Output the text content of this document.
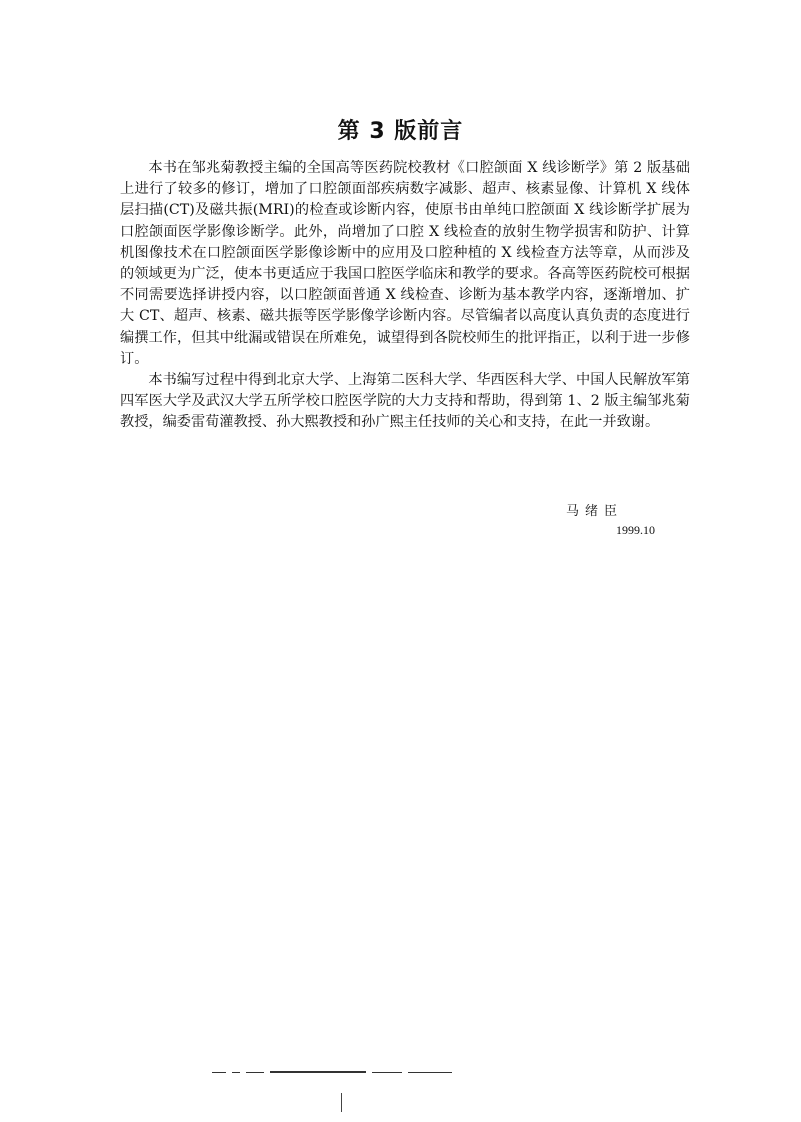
第 3 版前言

本书在邹兆菊教授主编的全国高等医药院校教材《口腔颌面 X 线诊断学》第 2 版基础上进行了较多的修订，增加了口腔颌面部疾病数字减影、超声、核素显像、计算机 X 线体层扫描(CT)及磁共振(MRI)的检查或诊断内容，使原书由单纯口腔颌面 X 线诊断学扩展为口腔颌面医学影像诊断学。此外，尚增加了口腔 X 线检查的放射生物学损害和防护、计算机图像技术在口腔颌面医学影像诊断中的应用及口腔种植的 X 线检查方法等章，从而涉及的领域更为广泛，使本书更适应于我国口腔医学临床和教学的要求。各高等医药院校可根据不同需要选择讲授内容，以口腔颌面普通 X 线检查、诊断为基本教学内容，逐渐增加、扩大 CT、超声、核素、磁共振等医学影像学诊断内容。尽管编者以高度认真负责的态度进行编撰工作，但其中纰漏或错误在所难免，诚望得到各院校师生的批评指正，以利于进一步修订。

本书编写过程中得到北京大学、上海第二医科大学、华西医科大学、中国人民解放军第四军医大学及武汉大学五所学校口腔医学院的大力支持和帮助，得到第 1、2 版主编邹兆菊教授，编委雷荀灌教授、孙大熙教授和孙广熙主任技师的关心和支持，在此一并致谢。

马绪臣
1999.10
